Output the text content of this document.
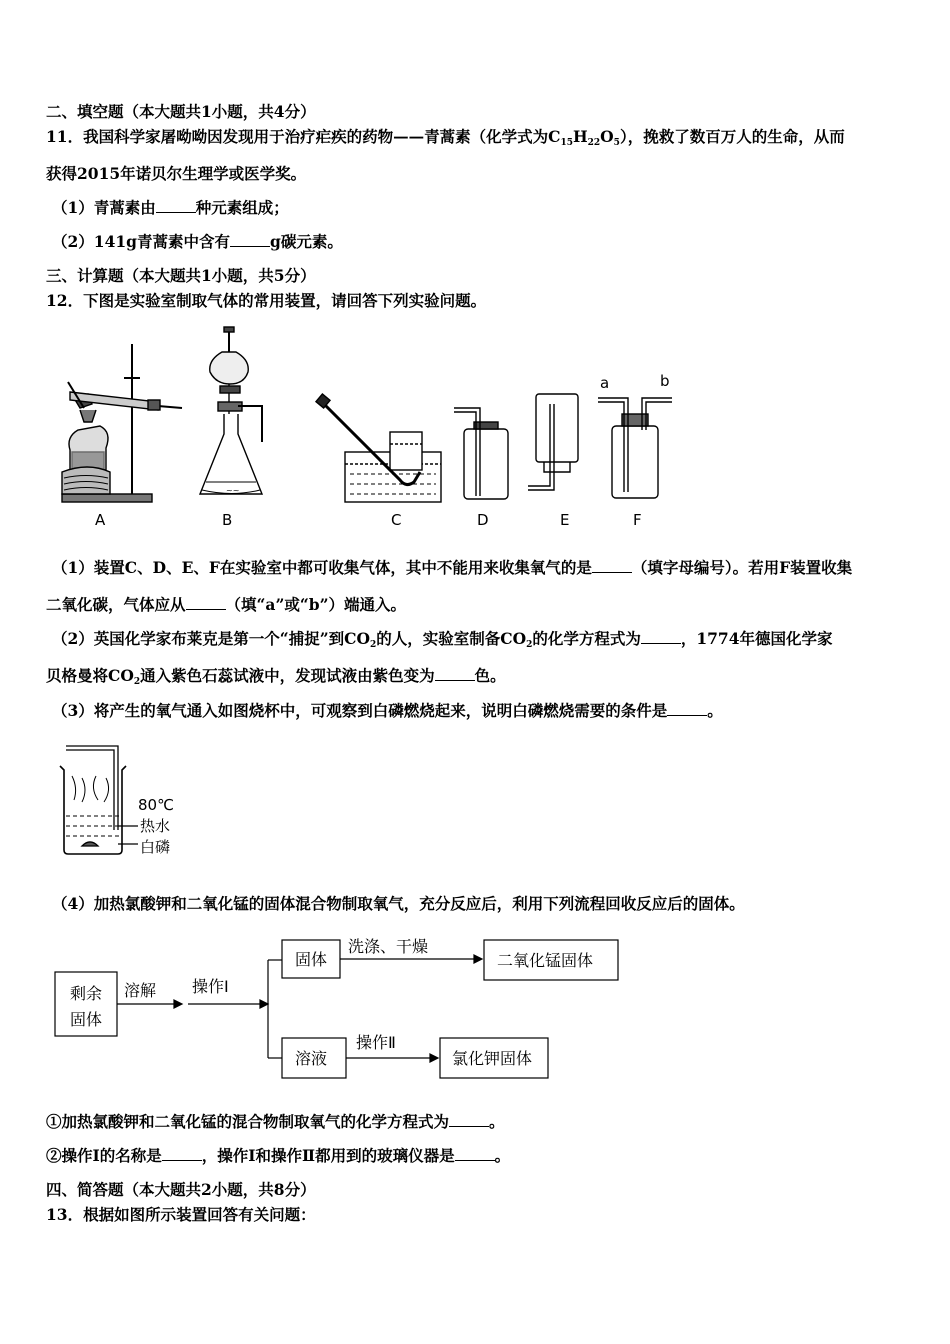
二、填空题（本大题共1小题，共4分）
11．我国科学家屠呦呦因发现用于治疗疟疾的药物——青蒿素（化学式为$C_{15}H_{22}O_5$），挽救了数百万人的生命，从而
获得2015年诺贝尔生理学或医学奖。
（1）青蒿素由	种元素组成；
（2）141g青蒿素中含有	g碳元素。
三、计算题（本大题共1小题，共5分）
12．下图是实验室制取气体的常用装置，请回答下列实验问题。
~~
a	b
A	B	C	D	E	F
（1）装置C、D、E、F在实验室中都可收集气体，其中不能用来收集氧气的是	（填字母编号）。若用F装置收集
二氧化碳，气体应从	（填“a”或“b”）端通入。
（2）英国化学家布莱克是第一个“捕捉”到$CO_2$的人，实验室制备$CO_2$的化学方程式为	，1774年德国化学家
贝格曼将$CO_2$通入紫色石蕊试液中，发现试液由紫色变为	色。
（3）将产生的氧气通入如图烧杯中，可观察到白磷燃烧起来，说明白磷燃烧需要的条件是	。
80℃
热水
白磷
（4）加热氯酸钾和二氧化锰的固体混合物制取氧气，充分反应后，利用下列流程回收反应后的固体。
剩余
固体
溶解 操作Ⅰ
固体
洗涤、干燥
二氧化锰固体
溶液
操作Ⅱ
氯化钾固体
①加热氯酸钾和二氧化锰的混合物制取氧气的化学方程式为	。
②操作Ⅰ的名称是	，操作Ⅰ和操作Ⅱ都用到的玻璃仪器是	。
四、简答题（本大题共2小题，共8分）
13．根据如图所示装置回答有关问题：
